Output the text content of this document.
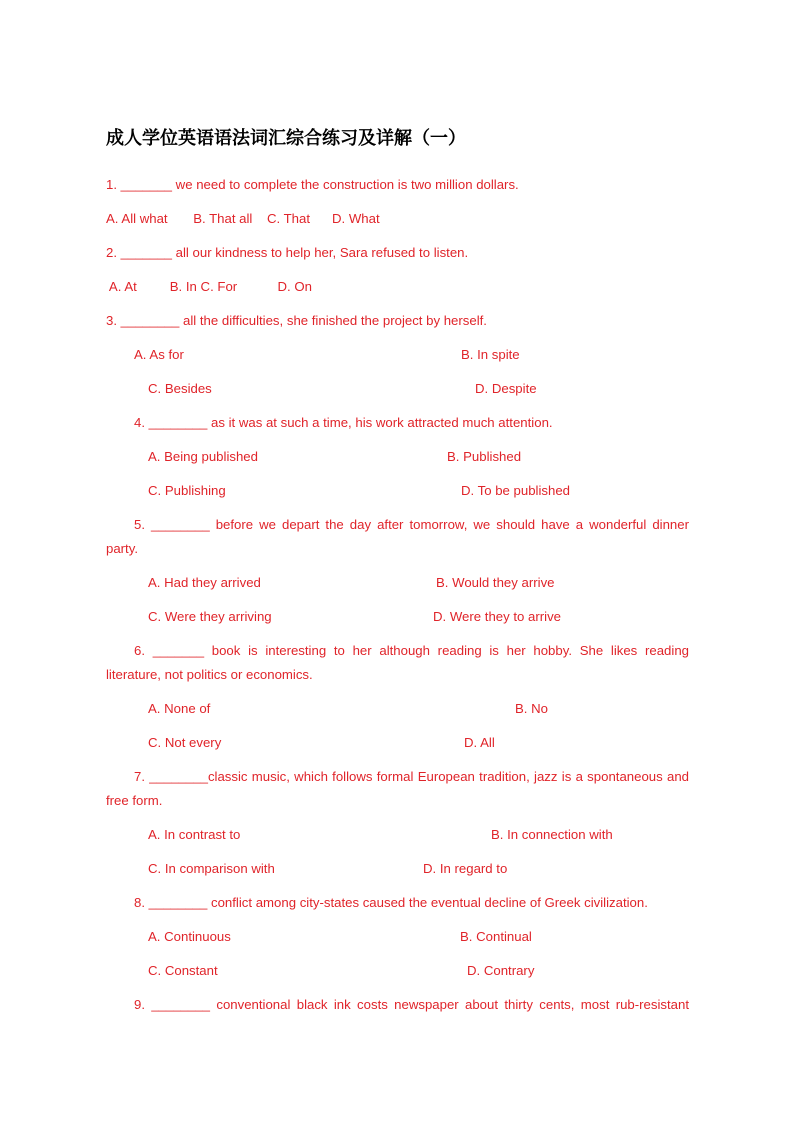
成人学位英语语法词汇综合练习及详解（一）
1. _______ we need to complete the construction is two million dollars.
A. All what       B. That all    C. That      D. What
2. _______ all our kindness to help her, Sara refused to listen.
A. At         B. In C. For           D. On
3. ________ all the difficulties, she finished the project by herself.
A. As for	B. In spite
C. Besides	D. Despite
4. ________ as it was at such a time, his work attracted much attention.
A. Being published	B. Published
C. Publishing	D. To be published
5. ________ before we depart the day after tomorrow, we should have a wonderful dinner party.
A. Had they arrived	B. Would they arrive
C. Were they arriving	D. Were they to arrive
6. _______ book is interesting to her although reading is her hobby. She likes reading literature, not politics or economics.
A. None of	B. No
C. Not every	D. All
7. ________classic music, which follows formal European tradition, jazz is a spontaneous and free form.
A. In contrast to	B. In connection with
C. In comparison with	D. In regard to
8. ________ conflict among city-states caused the eventual decline of Greek civilization.
A. Continuous	B. Continual
C. Constant	D. Contrary
9. ________ conventional black ink costs newspaper about thirty cents, most rub-resistant
